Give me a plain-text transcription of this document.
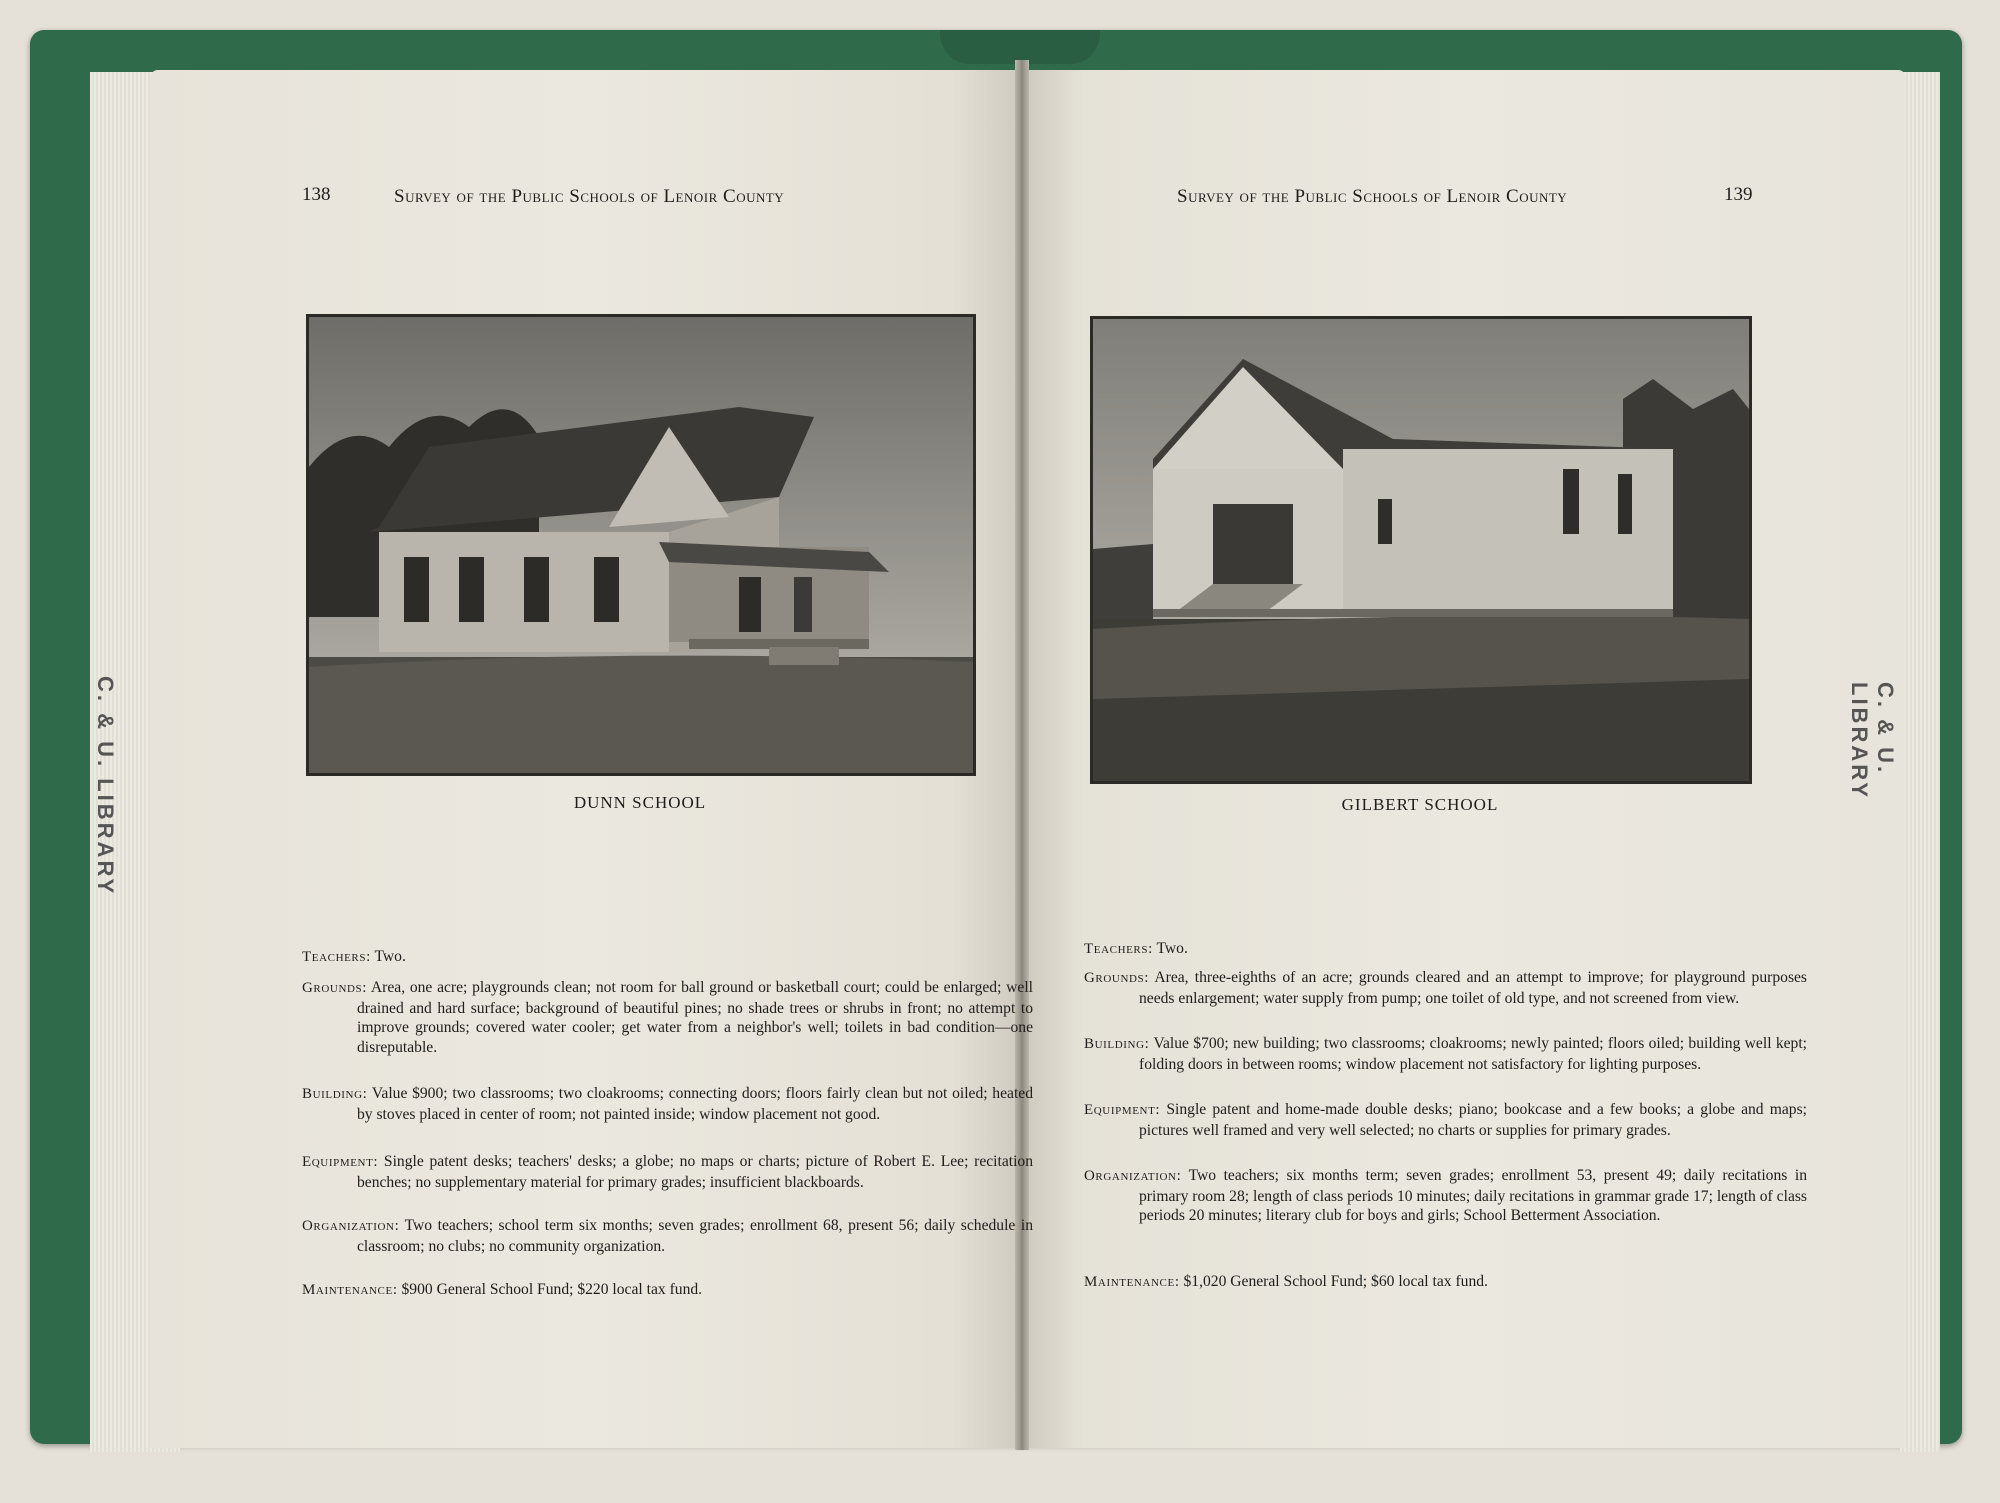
C. & U. LIBRARY	C. & U. LIBRARY
138	Survey of the Public Schools of Lenoir County	Survey of the Public Schools of Lenoir County	139
DUNN SCHOOL	GILBERT SCHOOL
Teachers: Two.
Grounds: Area, one acre; playgrounds clean; not room for ball ground or basketball court; could be enlarged; well drained and hard surface; background of beautiful pines; no shade trees or shrubs in front; no attempt to improve grounds; covered water cooler; get water from a neighbor's well; toilets in bad condition—one disreputable.
Building: Value $900; two classrooms; two cloakrooms; connecting doors; floors fairly clean but not oiled; heated by stoves placed in center of room; not painted inside; window placement not good.
Equipment: Single patent desks; teachers' desks; a globe; no maps or charts; picture of Robert E. Lee; recitation benches; no supplementary material for primary grades; insufficient blackboards.
Organization: Two teachers; school term six months; seven grades; enrollment 68, present 56; daily schedule in classroom; no clubs; no community organization.
Maintenance: $900 General School Fund; $220 local tax fund.
Teachers: Two.
Grounds: Area, three-eighths of an acre; grounds cleared and an attempt to improve; for playground purposes needs enlargement; water supply from pump; one toilet of old type, and not screened from view.
Building: Value $700; new building; two classrooms; cloakrooms; newly painted; floors oiled; building well kept; folding doors in between rooms; window placement not satisfactory for lighting purposes.
Equipment: Single patent and home-made double desks; piano; bookcase and a few books; a globe and maps; pictures well framed and very well selected; no charts or supplies for primary grades.
Organization: Two teachers; six months term; seven grades; enrollment 53, present 49; daily recitations in primary room 28; length of class periods 10 minutes; daily recitations in grammar grade 17; length of class periods 20 minutes; literary club for boys and girls; School Betterment Association.
Maintenance: $1,020 General School Fund; $60 local tax fund.
